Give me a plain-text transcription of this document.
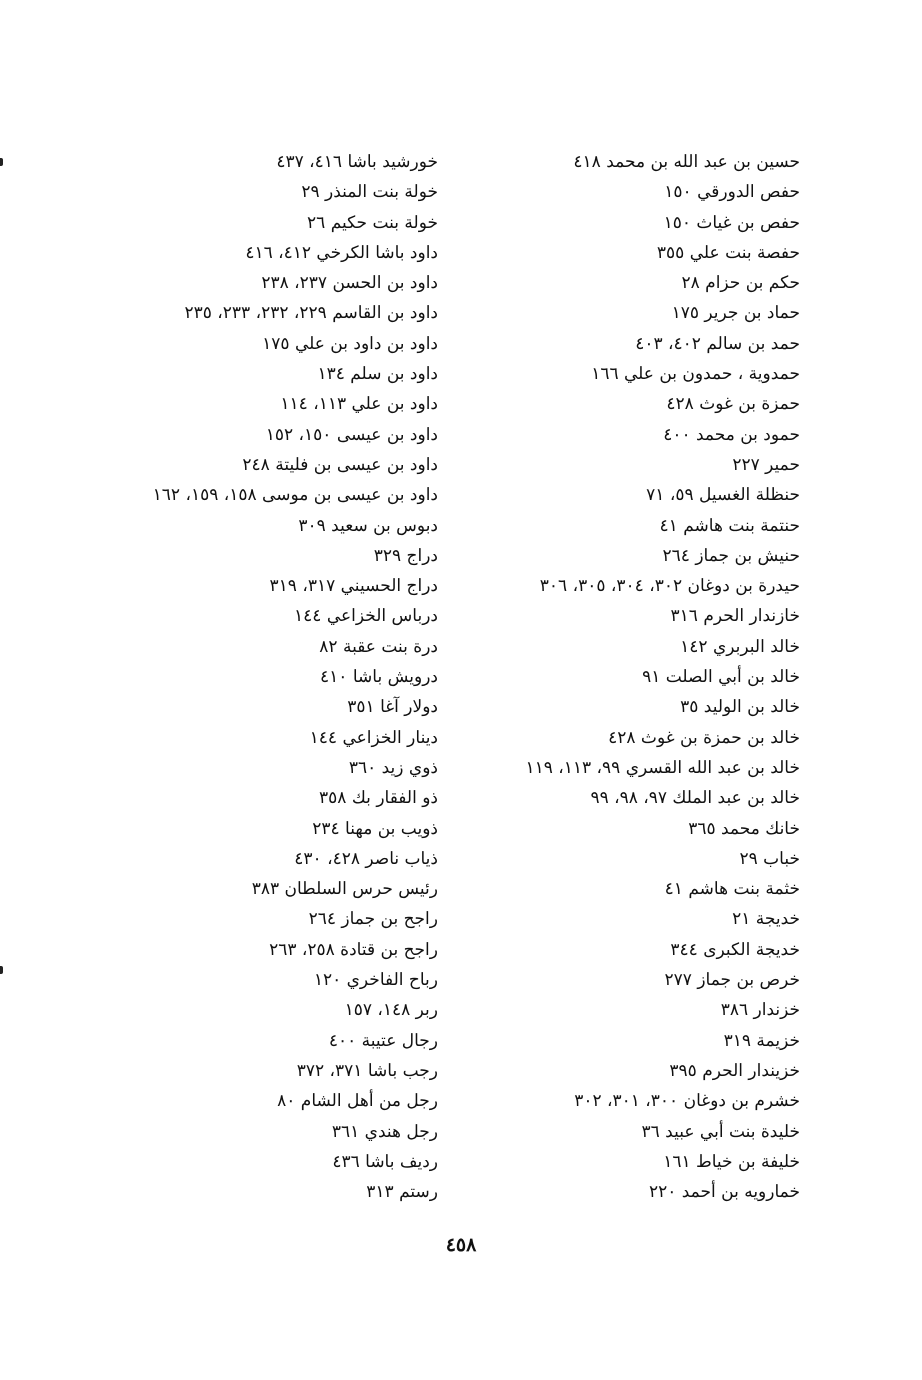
حسين بن عبد الله بن محمد ٤١٨
حفص الدورقي ١٥٠
حفص بن غياث ١٥٠
حفصة بنت علي ٣٥٥
حكم بن حزام ٢٨
حماد بن جرير ١٧٥
حمد بن سالم ٤٠٢، ٤٠٣
حمدوية ، حمدون بن علي ١٦٦
حمزة بن غوث ٤٢٨
حمود بن محمد ٤٠٠
حمير ٢٢٧
حنظلة الغسيل ٥٩، ٧١
حنتمة بنت هاشم ٤١
حنيش بن جماز ٢٦٤
حيدرة بن دوغان ٣٠٢، ٣٠٤، ٣٠٥، ٣٠٦
خازندار الحرم ٣١٦
خالد البربري ١٤٢
خالد بن أبي الصلت ٩١
خالد بن الوليد ٣٥
خالد بن حمزة بن غوث ٤٢٨
خالد بن عبد الله القسري ٩٩، ١١٣، ١١٩
خالد بن عبد الملك ٩٧، ٩٨، ٩٩
خانك محمد ٣٦٥
خباب ٢٩
خثمة بنت هاشم ٤١
خديجة ٢١
خديجة الكبرى ٣٤٤
خرص بن جماز ٢٧٧
خزندار ٣٨٦
خزيمة ٣١٩
خزيندار الحرم ٣٩٥
خشرم بن دوغان ٣٠٠، ٣٠١، ٣٠٢
خليدة بنت أبي عبيد ٣٦
خليفة بن خياط ١٦١
خمارويه بن أحمد ٢٢٠
خورشيد باشا ٤١٦، ٤٣٧
خولة بنت المنذر ٢٩
خولة بنت حكيم ٢٦
داود باشا الكرخي ٤١٢، ٤١٦
داود بن الحسن ٢٣٧، ٢٣٨
داود بن القاسم ٢٢٩، ٢٣٢، ٢٣٣، ٢٣٥
داود بن داود بن علي ١٧٥
داود بن سلم ١٣٤
داود بن علي ١١٣، ١١٤
داود بن عيسى ١٥٠، ١٥٢
داود بن عيسى بن فليتة ٢٤٨
داود بن عيسى بن موسى ١٥٨، ١٥٩، ١٦٢
دبوس بن سعيد ٣٠٩
دراج ٣٢٩
دراج الحسيني ٣١٧، ٣١٩
درباس الخزاعي ١٤٤
درة بنت عقبة ٨٢
درويش باشا ٤١٠
دولار آغا ٣٥١
دينار الخزاعي ١٤٤
ذوي زيد ٣٦٠
ذو الفقار بك ٣٥٨
ذويب بن مهنا ٢٣٤
ذياب ناصر ٤٢٨، ٤٣٠
رئيس حرس السلطان ٣٨٣
راجح بن جماز ٢٦٤
راجح بن قتادة ٢٥٨، ٢٦٣
رباح الفاخري ١٢٠
ربر ١٤٨، ١٥٧
رجال عتيبة ٤٠٠
رجب باشا ٣٧١، ٣٧٢
رجل من أهل الشام ٨٠
رجل هندي ٣٦١
رديف باشا ٤٣٦
رستم ٣١٣
٤٥٨
